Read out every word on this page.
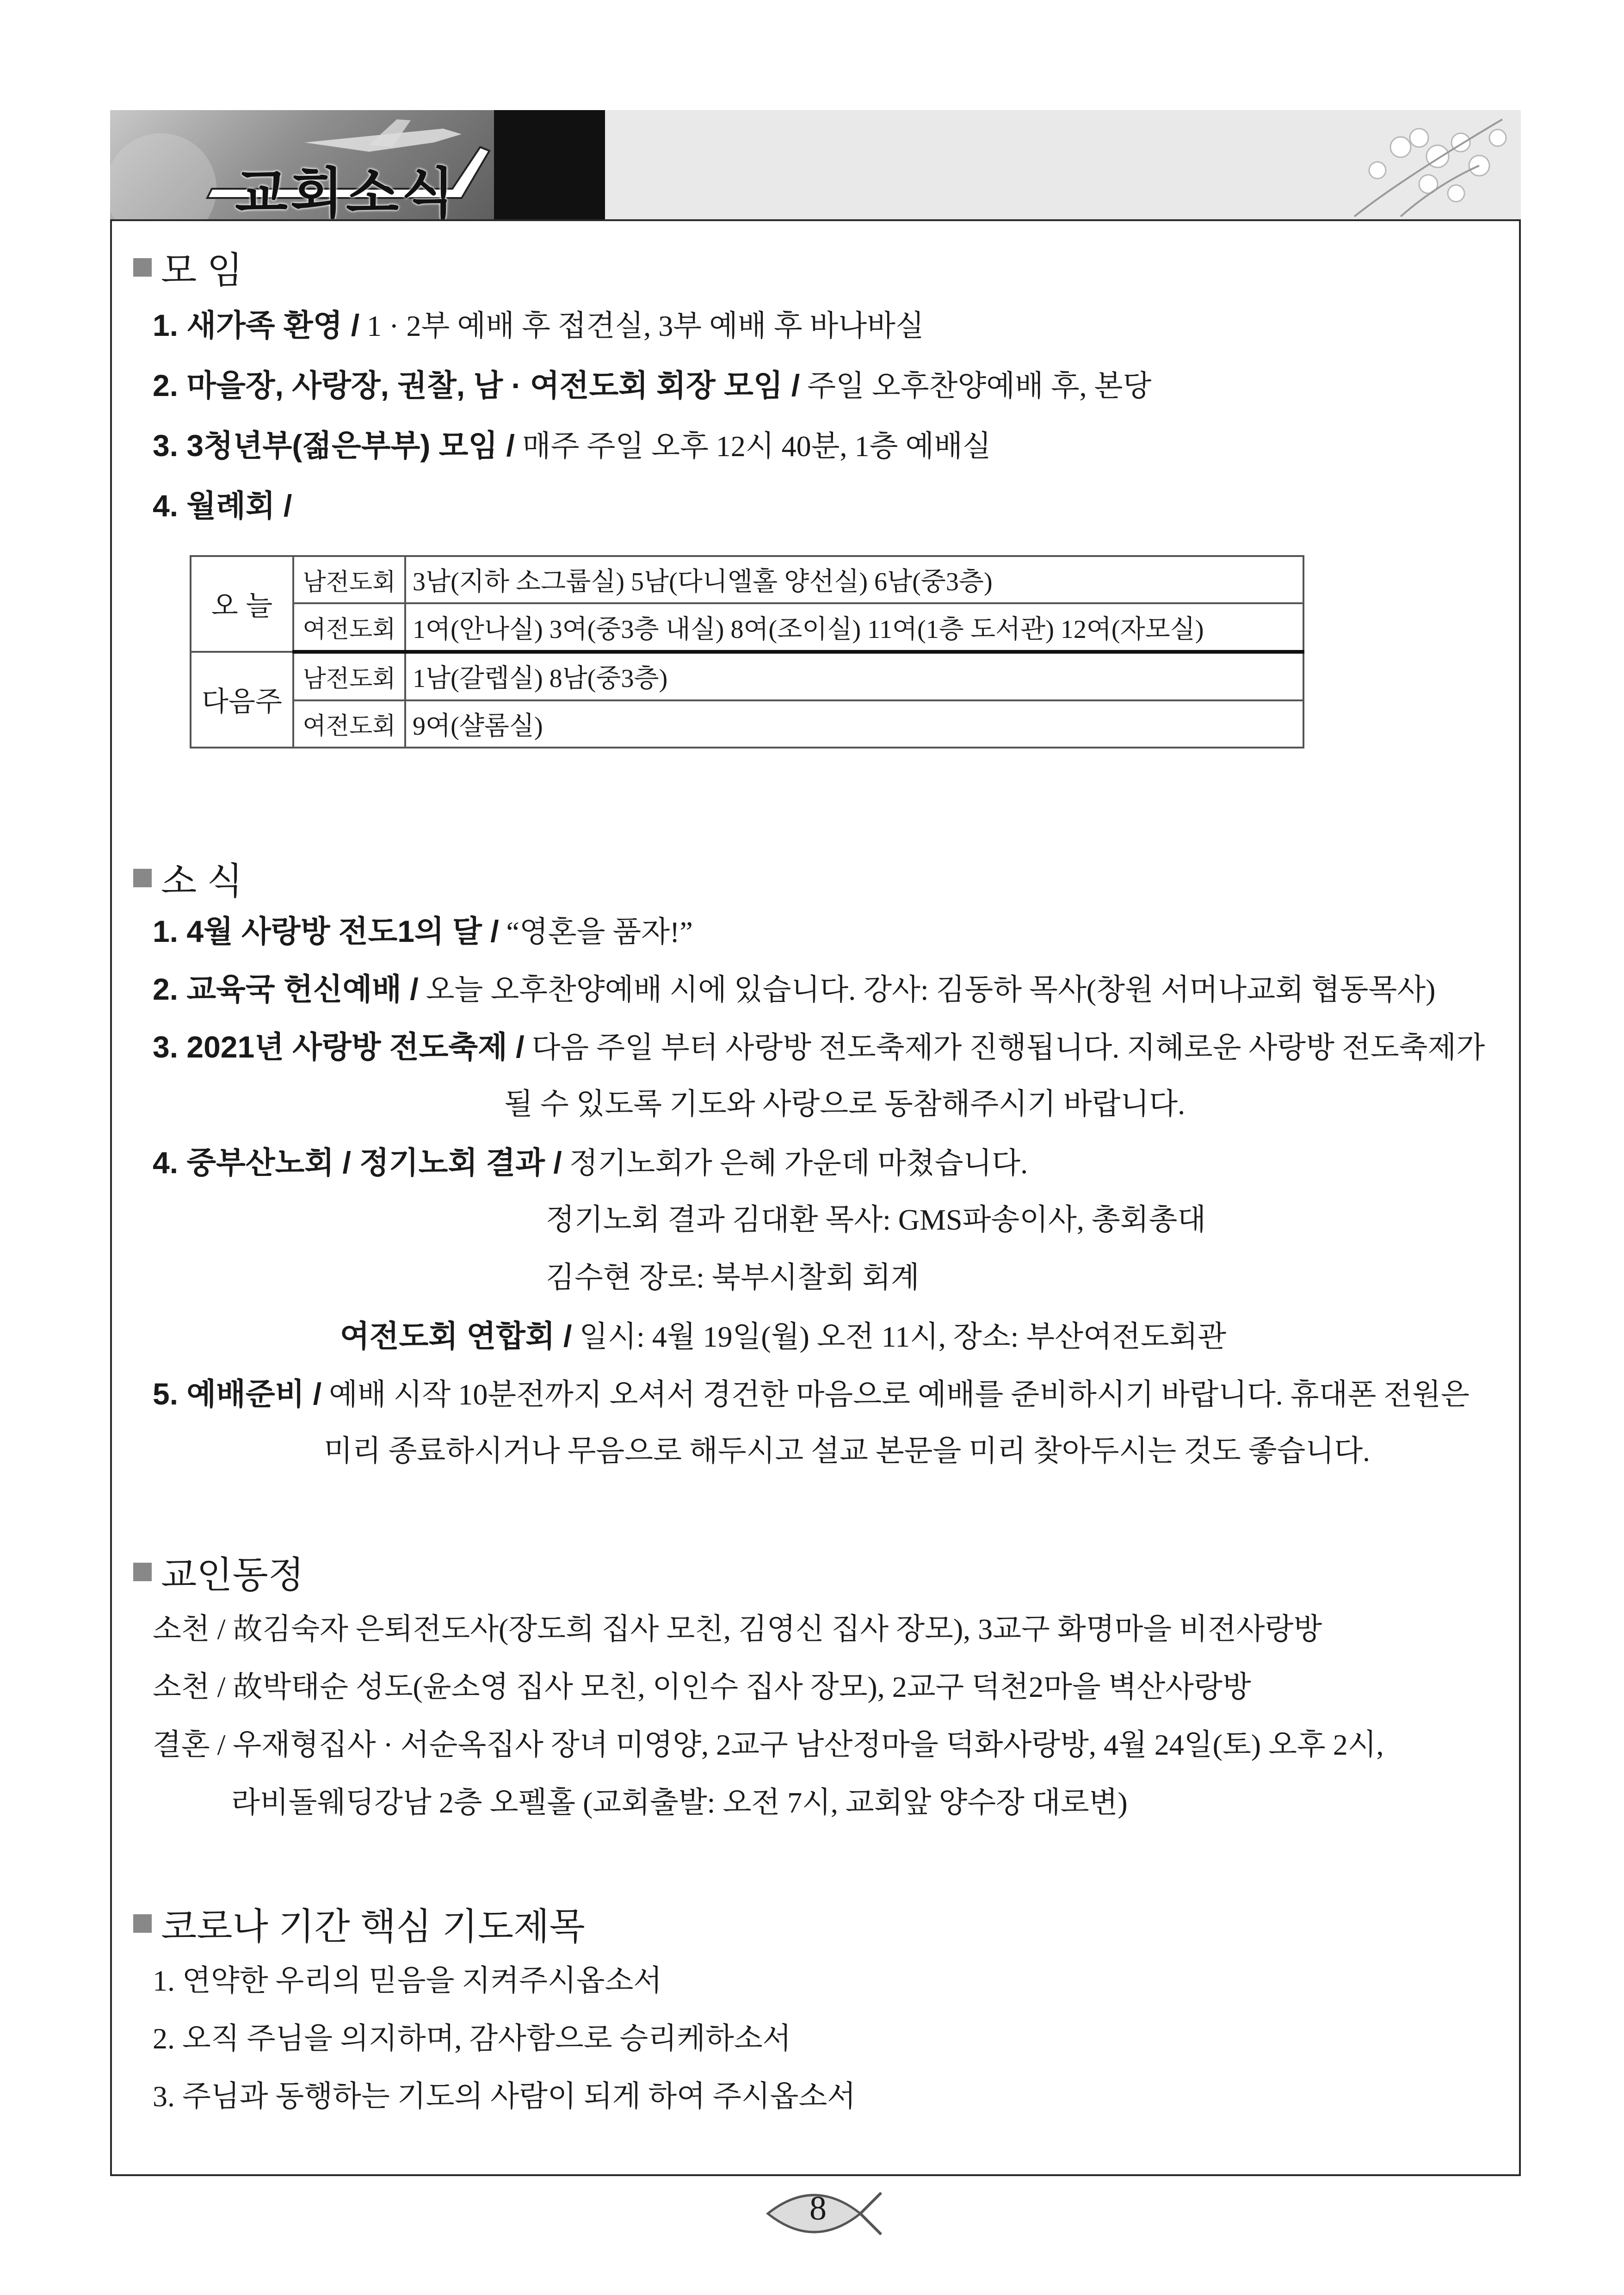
교회소식
모 임
1. 새가족 환영 / 1 · 2부 예배 후 접견실, 3부 예배 후 바나바실
2. 마을장, 사랑장, 권찰, 남 · 여전도회 회장 모임 / 주일 오후찬양예배 후, 본당
3. 3청년부(젊은부부) 모임 / 매주 주일 오후 12시 40분, 1층 예배실
4. 월례회 /
오 늘	남전도회	3남(지하 소그룹실) 5남(다니엘홀 양선실) 6남(중3층)
	여전도회	1여(안나실) 3여(중3층 내실) 8여(조이실) 11여(1층 도서관) 12여(자모실)
다음주	남전도회	1남(갈렙실) 8남(중3층)
	여전도회	9여(샬롬실)
소 식
1. 4월 사랑방 전도1의 달 / “영혼을 품자!”
2. 교육국 헌신예배 / 오늘 오후찬양예배 시에 있습니다. 강사: 김동하 목사(창원 서머나교회 협동목사)
3. 2021년 사랑방 전도축제 / 다음 주일 부터 사랑방 전도축제가 진행됩니다. 지혜로운 사랑방 전도축제가
될 수 있도록 기도와 사랑으로 동참해주시기 바랍니다.
4. 중부산노회 / 정기노회 결과 / 정기노회가 은혜 가운데 마쳤습니다.
정기노회 결과 김대환 목사: GMS파송이사, 총회총대
김수현 장로: 북부시찰회 회계
여전도회 연합회 / 일시: 4월 19일(월) 오전 11시, 장소: 부산여전도회관
5. 예배준비 / 예배 시작 10분전까지 오셔서 경건한 마음으로 예배를 준비하시기 바랍니다. 휴대폰 전원은
미리 종료하시거나 무음으로 해두시고 설교 본문을 미리 찾아두시는 것도 좋습니다.
교인동정
소천 / 故김숙자 은퇴전도사(장도희 집사 모친, 김영신 집사 장모), 3교구 화명마을 비전사랑방
소천 / 故박태순 성도(윤소영 집사 모친, 이인수 집사 장모), 2교구 덕천2마을 벽산사랑방
결혼 / 우재형집사 · 서순옥집사 장녀 미영양, 2교구 남산정마을 덕화사랑방, 4월 24일(토) 오후 2시,
라비돌웨딩강남 2층 오펠홀 (교회출발: 오전 7시, 교회앞 양수장 대로변)
코로나 기간 핵심 기도제목
1. 연약한 우리의 믿음을 지켜주시옵소서
2. 오직 주님을 의지하며, 감사함으로 승리케하소서
3. 주님과 동행하는 기도의 사람이 되게 하여 주시옵소서
8
